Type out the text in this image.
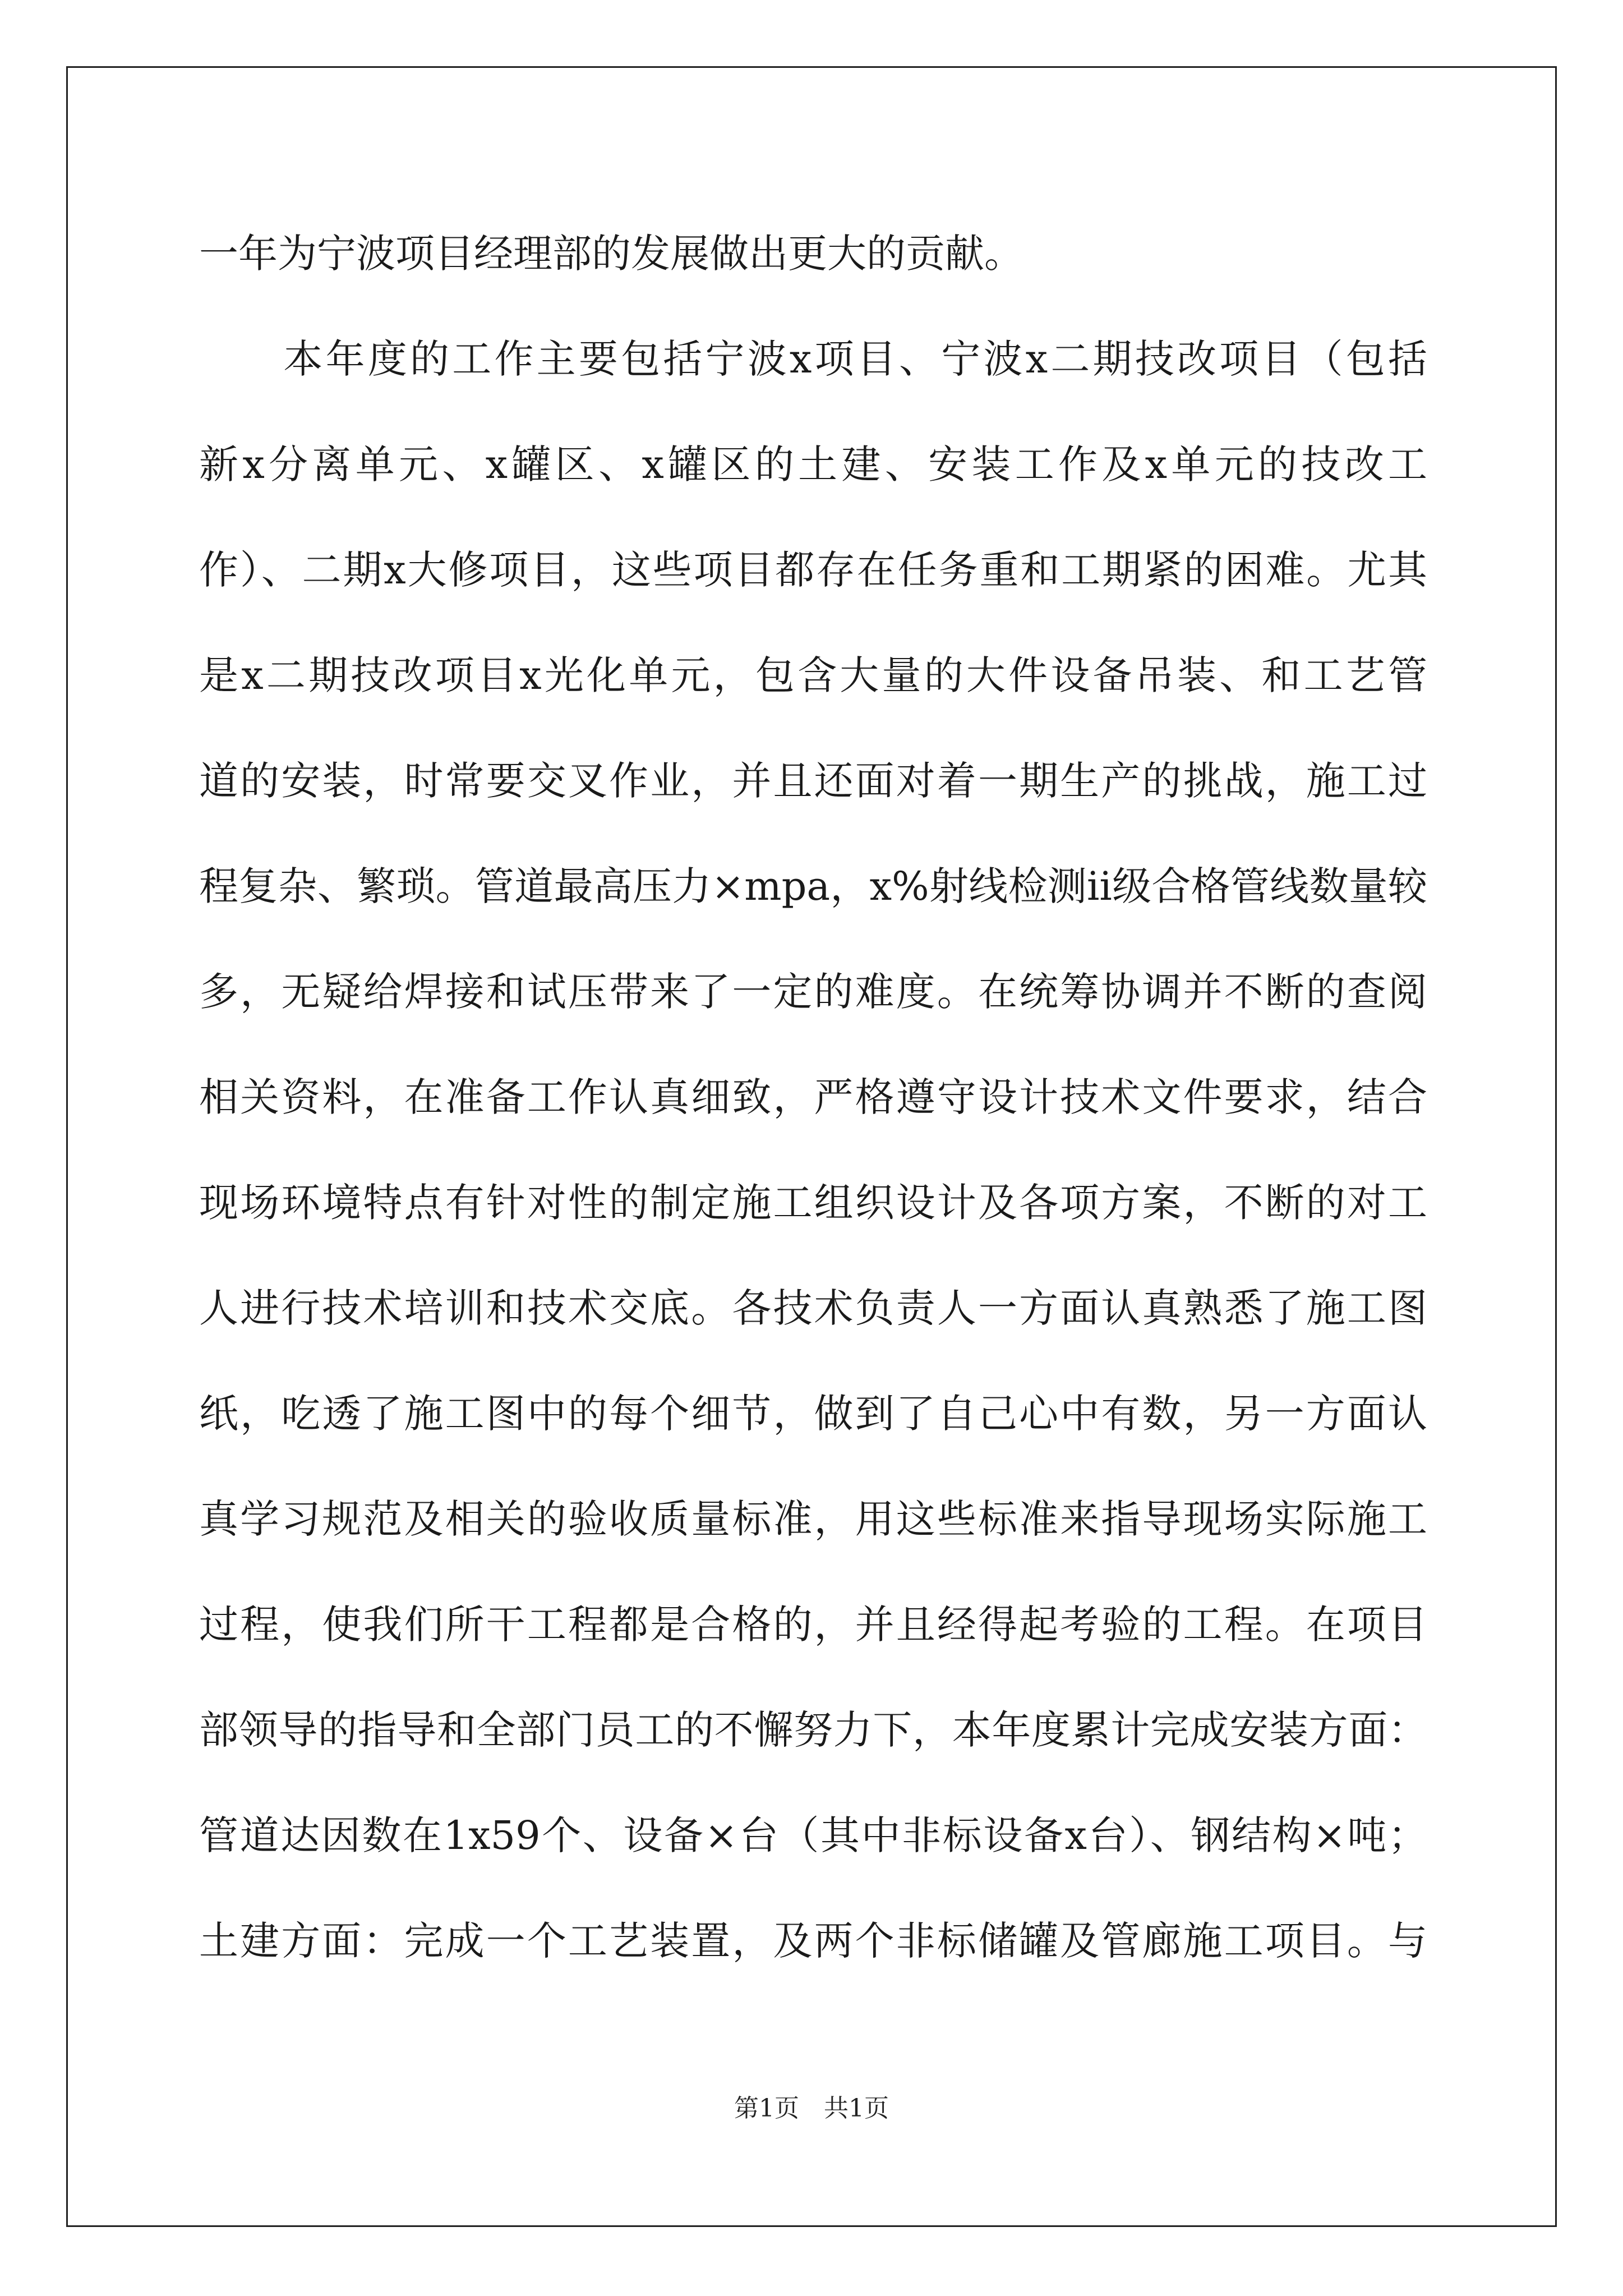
一年为宁波项目经理部的发展做出更大的贡献。
　　本年度的工作主要包括宁波x项目、宁波x二期技改项目（包括
新x分离单元、x罐区、x罐区的土建、安装工作及x单元的技改工
作）、二期x大修项目，这些项目都存在任务重和工期紧的困难。尤其
是x二期技改项目x光化单元，包含大量的大件设备吊装、和工艺管
道的安装，时常要交叉作业，并且还面对着一期生产的挑战，施工过
程复杂、繁琐。管道最高压力×mpa，x%射线检测ii级合格管线数量较
多，无疑给焊接和试压带来了一定的难度。在统筹协调并不断的查阅
相关资料，在准备工作认真细致，严格遵守设计技术文件要求，结合
现场环境特点有针对性的制定施工组织设计及各项方案，不断的对工
人进行技术培训和技术交底。各技术负责人一方面认真熟悉了施工图
纸，吃透了施工图中的每个细节，做到了自己心中有数，另一方面认
真学习规范及相关的验收质量标准，用这些标准来指导现场实际施工
过程，使我们所干工程都是合格的，并且经得起考验的工程。在项目
部领导的指导和全部门员工的不懈努力下，本年度累计完成安装方面：
管道达因数在1x59个、设备×台（其中非标设备x台）、钢结构×吨；
土建方面：完成一个工艺装置，及两个非标储罐及管廊施工项目。与
第1页 共1页
